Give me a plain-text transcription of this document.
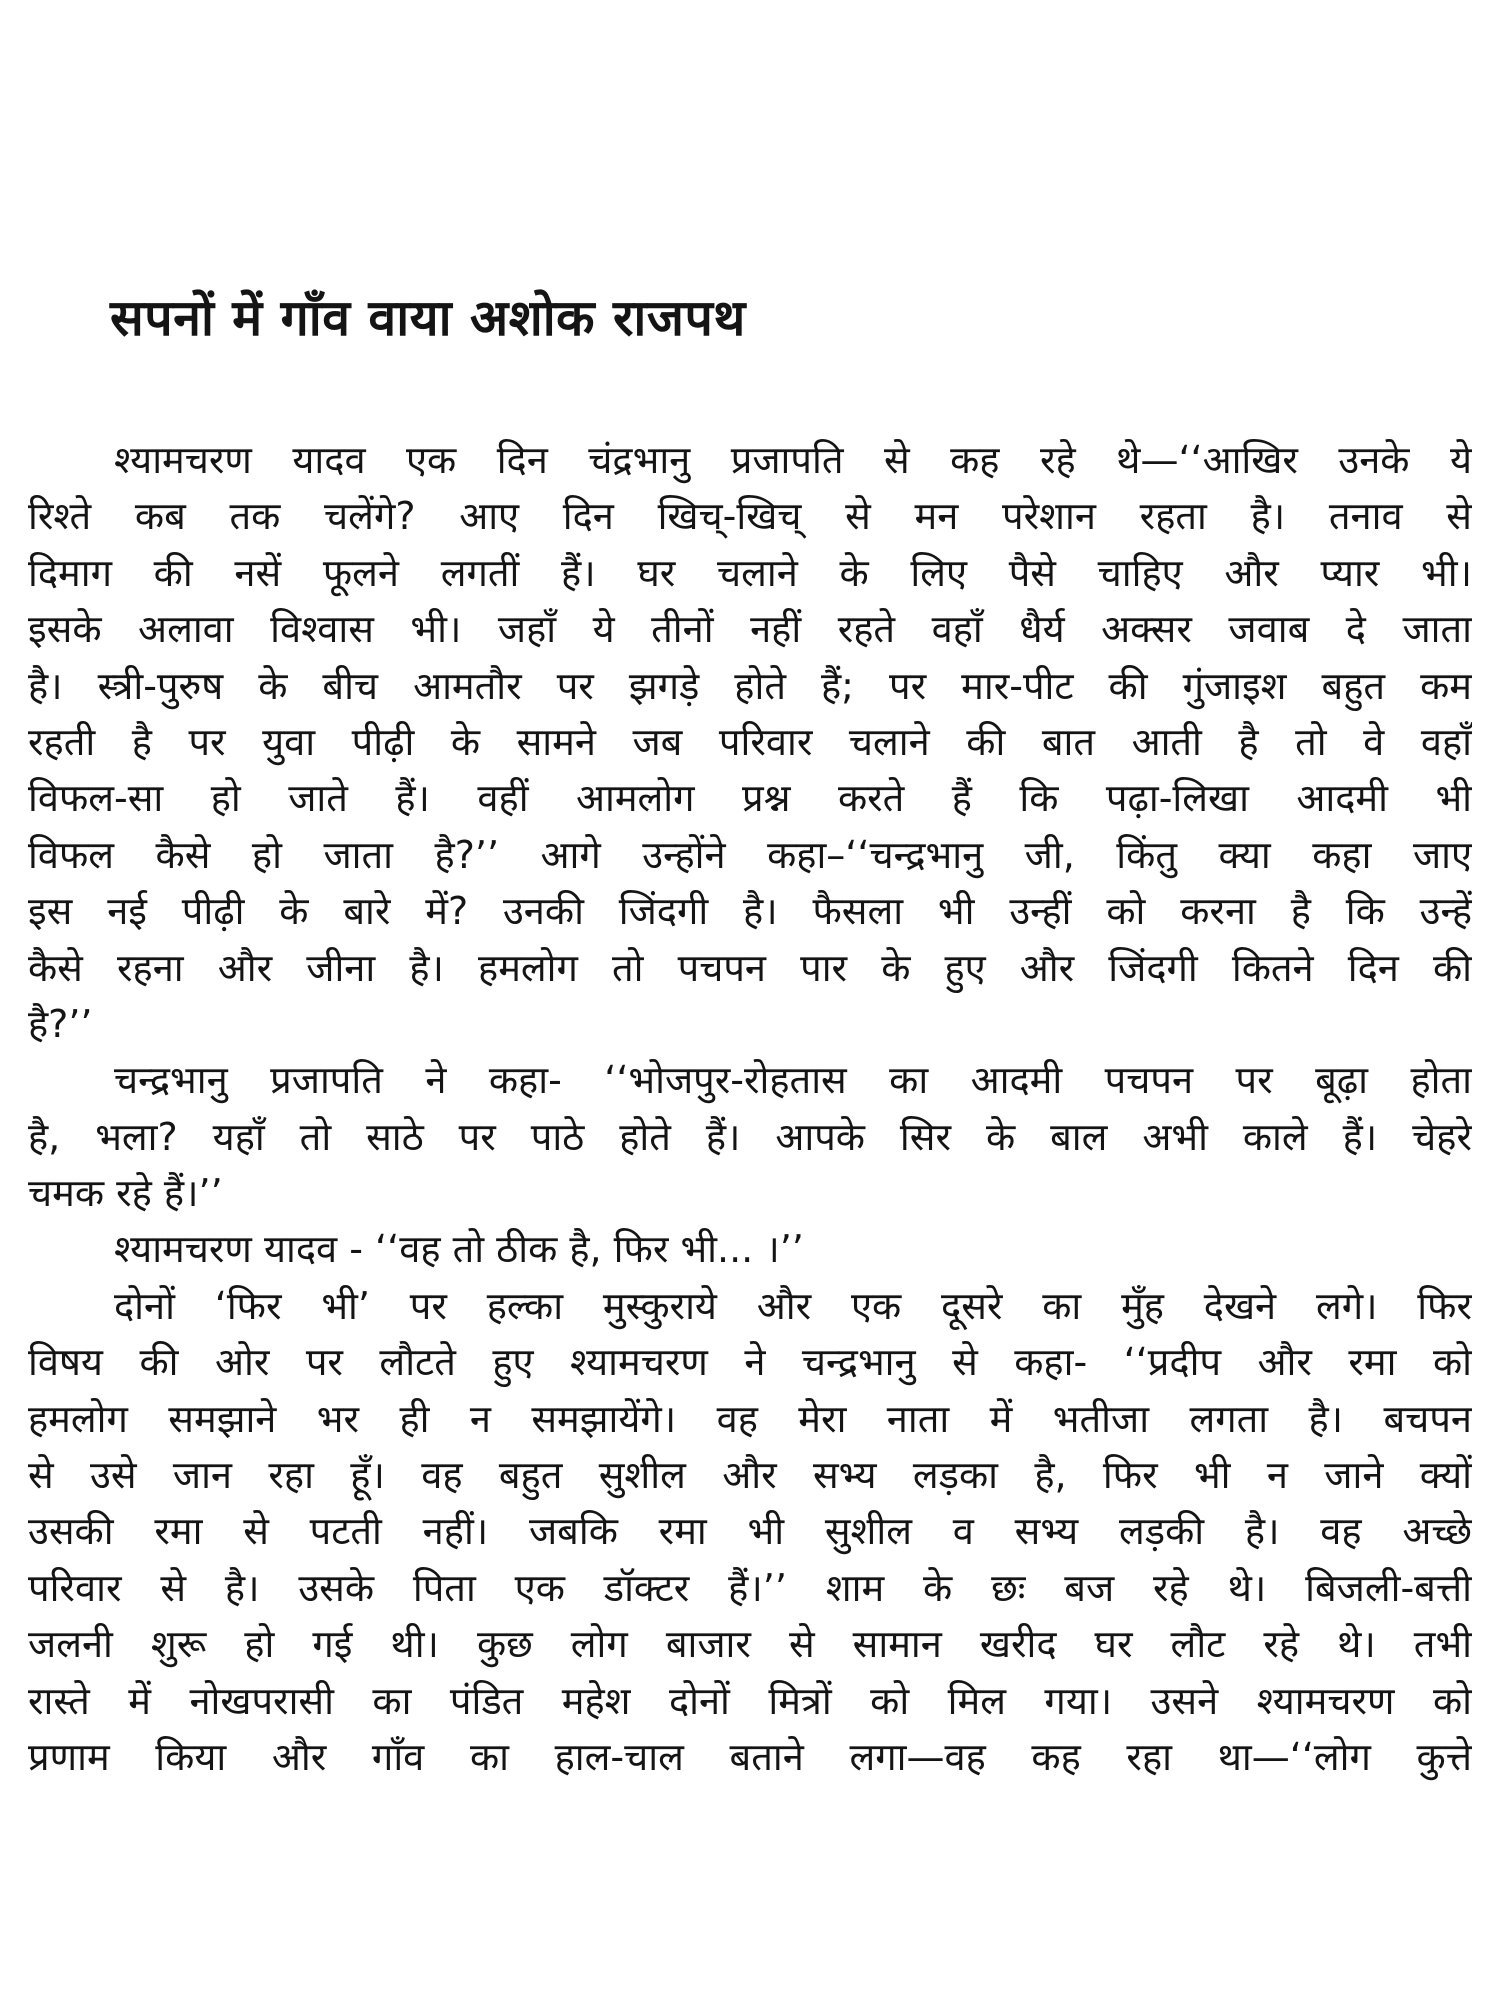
सपनों में गाँव वाया अशोक राजपथ
श्यामचरण यादव एक दिन चंद्रभानु प्रजापति से कह रहे थे—‘‘आखिर उनके ये
रिश्ते कब तक चलेंगे? आए दिन खिच्-खिच् से मन परेशान रहता है। तनाव से
दिमाग की नसें फूलने लगतीं हैं। घर चलाने के लिए पैसे चाहिए और प्यार भी।
इसके अलावा विश्वास भी। जहाँ ये तीनों नहीं रहते वहाँ धैर्य अक्सर जवाब दे जाता
है। स्त्री-पुरुष के बीच आमतौर पर झगड़े होते हैं; पर मार-पीट की गुंजाइश बहुत कम
रहती है पर युवा पीढ़ी के सामने जब परिवार चलाने की बात आती है तो वे वहाँ
विफल-सा हो जाते हैं। वहीं आमलोग प्रश्न करते हैं कि पढ़ा-लिखा आदमी भी
विफल कैसे हो जाता है?’’ आगे उन्होंने कहा–‘‘चन्द्रभानु जी, किंतु क्या कहा जाए
इस नई पीढ़ी के बारे में? उनकी जिंदगी है। फैसला भी उन्हीं को करना है कि उन्हें
कैसे रहना और जीना है। हमलोग तो पचपन पार के हुए और जिंदगी कितने दिन की
है?’’
चन्द्रभानु प्रजापति ने कहा- ‘‘भोजपुर-रोहतास का आदमी पचपन पर बूढ़ा होता
है, भला? यहाँ तो साठे पर पाठे होते हैं। आपके सिर के बाल अभी काले हैं। चेहरे
चमक रहे हैं।’’
श्यामचरण यादव - ‘‘वह तो ठीक है, फिर भी... ।’’
दोनों ‘फिर भी’ पर हल्का मुस्कुराये और एक दूसरे का मुँह देखने लगे। फिर
विषय की ओर पर लौटते हुए श्यामचरण ने चन्द्रभानु से कहा- ‘‘प्रदीप और रमा को
हमलोग समझाने भर ही न समझायेंगे। वह मेरा नाता में भतीजा लगता है। बचपन
से उसे जान रहा हूँ। वह बहुत सुशील और सभ्य लड़का है, फिर भी न जाने क्यों
उसकी रमा से पटती नहीं। जबकि रमा भी सुशील व सभ्य लड़की है। वह अच्छे
परिवार से है। उसके पिता एक डॉक्टर हैं।’’ शाम के छः बज रहे थे। बिजली-बत्ती
जलनी शुरू हो गई थी। कुछ लोग बाजार से सामान खरीद घर लौट रहे थे। तभी
रास्ते में नोखपरासी का पंडित महेश दोनों मित्रों को मिल गया। उसने श्यामचरण को
प्रणाम किया और गाँव का हाल-चाल बताने लगा—वह कह रहा था—‘‘लोग कुत्ते
